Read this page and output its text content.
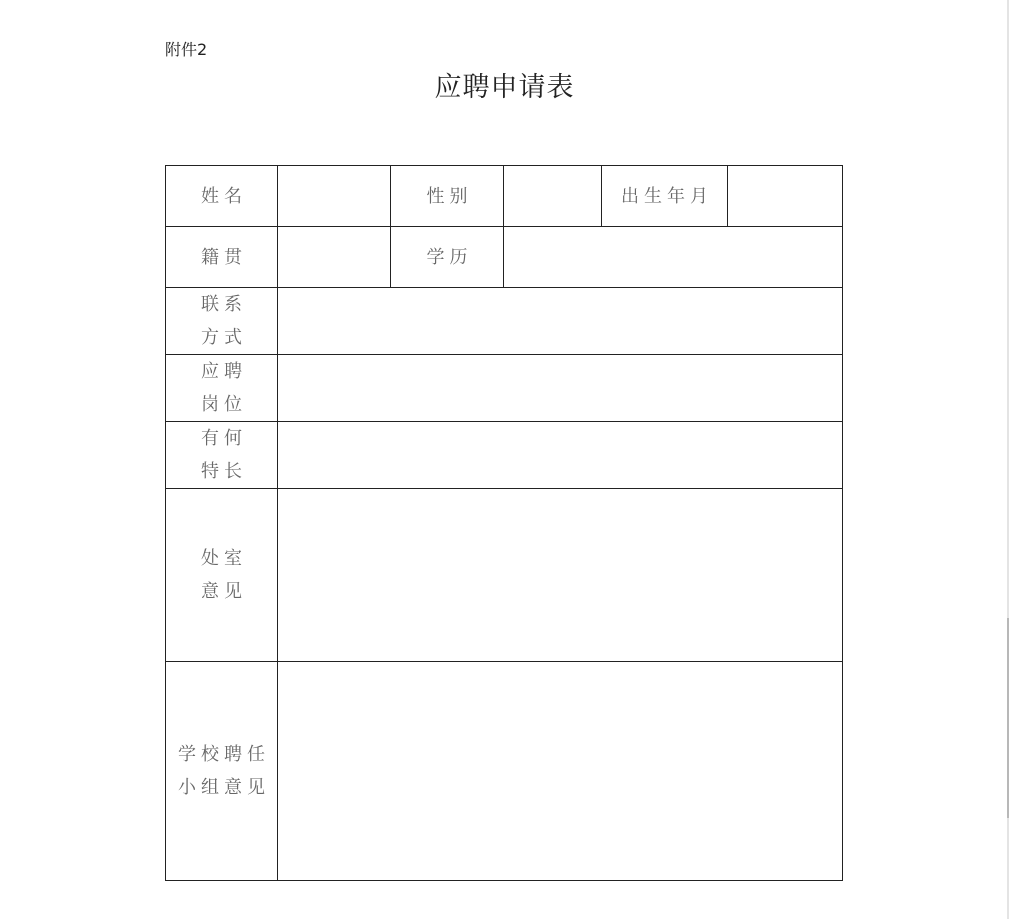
附件2
应聘申请表
姓名		性别		出生年月	
籍贯		学历			

联系
方式					

应聘
岗位					

有何
特长					

处室
意见					

学校聘任
小组意见					
